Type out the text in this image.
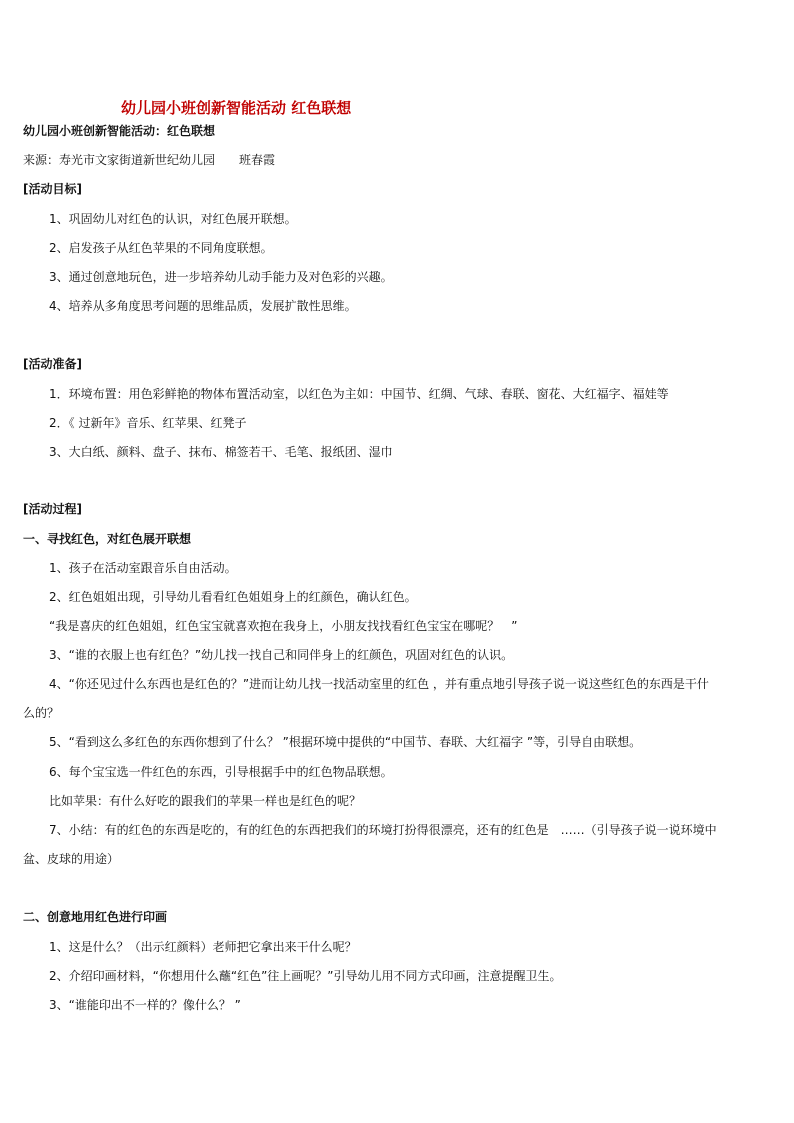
幼儿园小班创新智能活动 红色联想
幼儿园小班创新智能活动：红色联想
来源：寿光市文家街道新世纪幼儿园　　班春霞
[活动目标]
1、巩固幼儿对红色的认识，对红色展开联想。
2、启发孩子从红色苹果的不同角度联想。
3、通过创意地玩色，进一步培养幼儿动手能力及对色彩的兴趣。
4、培养从多角度思考问题的思维品质，发展扩散性思维。
[活动准备]
1．环境布置：用色彩鲜艳的物体布置活动室，以红色为主如：中国节、红绸、气球、春联、窗花、大红福字、福娃等
2．《 过新年》音乐、红苹果、红凳子
3、大白纸、颜料、盘子、抹布、棉签若干、毛笔、报纸团、湿巾
[活动过程]
一、寻找红色，对红色展开联想
1、孩子在活动室跟音乐自由活动。
2、红色姐姐出现，引导幼儿看看红色姐姐身上的红颜色，确认红色。
“我是喜庆的红色姐姐，红色宝宝就喜欢抱在我身上，小朋友找找看红色宝宝在哪呢？　”
3、“谁的衣服上也有红色？”幼儿找一找自己和同伴身上的红颜色，巩固对红色的认识。
4、“你还见过什么东西也是红色的？”进而让幼儿找一找活动室里的红色 ，并有重点地引导孩子说一说这些红色的东西是干什
么的？
5、“看到这么多红色的东西你想到了什么？ ”根据环境中提供的“中国节、春联、大红福字 ”等，引导自由联想。
6、每个宝宝选一件红色的东西，引导根据手中的红色物品联想。
比如苹果：有什么好吃的跟我们的苹果一样也是红色的呢？
7、小结：有的红色的东西是吃的，有的红色的东西把我们的环境打扮得很漂亮，还有的红色是　……（引导孩子说一说环境中
盆、皮球的用途）
二、创意地用红色进行印画
1、这是什么？（出示红颜料）老师把它拿出来干什么呢？
2、介绍印画材料，“你想用什么蘸“红色”往上画呢？”引导幼儿用不同方式印画，注意提醒卫生。
3、“谁能印出不一样的？像什么？ ”
